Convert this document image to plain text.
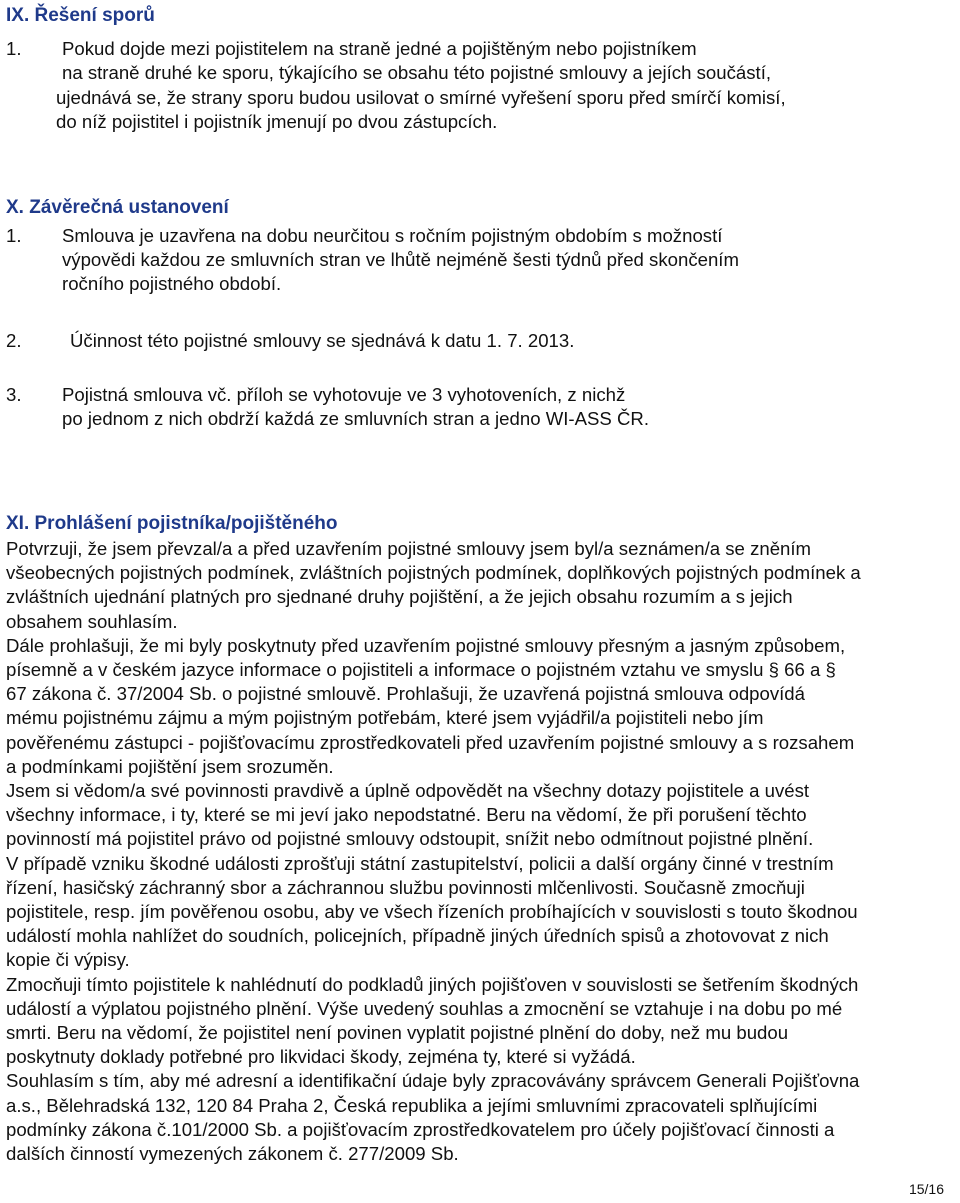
IX. Řešení sporů
1. Pokud dojde mezi pojistitelem na straně jedné a pojištěným nebo pojistníkem
na straně druhé ke sporu, týkajícího se obsahu této pojistné smlouvy a jejích součástí,
ujednává se, že strany sporu budou usilovat o smírné vyřešení sporu před smírčí komisí,
do níž pojistitel i pojistník jmenují po dvou zástupcích.
X. Závěrečná ustanovení
1. Smlouva je uzavřena na dobu neurčitou s ročním pojistným obdobím s možností
výpovědi každou ze smluvních stran ve lhůtě nejméně šesti týdnů před skončením
ročního pojistného období.
2.	Účinnost této pojistné smlouvy se sjednává k datu 1. 7. 2013.
3. Pojistná smlouva vč. příloh se vyhotovuje ve 3 vyhotoveních, z nichž
po jednom z nich obdrží každá ze smluvních stran a jedno WI-ASS ČR.
XI. Prohlášení pojistníka/pojištěného
Potvrzuji, že jsem převzal/a a před uzavřením pojistné smlouvy jsem byl/a seznámen/a se zněním
všeobecných pojistných podmínek, zvláštních pojistných podmínek, doplňkových pojistných podmínek a
zvláštních ujednání platných pro sjednané druhy pojištění, a že jejich obsahu rozumím a s jejich
obsahem souhlasím.
Dále prohlašuji, že mi byly poskytnuty před uzavřením pojistné smlouvy přesným a jasným způsobem,
písemně a v českém jazyce informace o pojistiteli a informace o pojistném vztahu ve smyslu § 66 a §
67 zákona č. 37/2004 Sb. o pojistné smlouvě. Prohlašuji, že uzavřená pojistná smlouva odpovídá
mému pojistnému zájmu a mým pojistným potřebám, které jsem vyjádřil/a pojistiteli nebo jím
pověřenému zástupci - pojišťovacímu zprostředkovateli před uzavřením pojistné smlouvy a s rozsahem
a podmínkami pojištění jsem srozuměn.
Jsem si vědom/a své povinnosti pravdivě a úplně odpovědět na všechny dotazy pojistitele a uvést
všechny informace, i ty, které se mi jeví jako nepodstatné. Beru na vědomí, že při porušení těchto
povinností má pojistitel právo od pojistné smlouvy odstoupit, snížit nebo odmítnout pojistné plnění.
V případě vzniku škodné události zprošťuji státní zastupitelství, policii a další orgány činné v trestním
řízení, hasičský záchranný sbor a záchrannou službu povinnosti mlčenlivosti. Současně zmocňuji
pojistitele, resp. jím pověřenou osobu, aby ve všech řízeních probíhajících v souvislosti s touto škodnou
událostí mohla nahlížet do soudních, policejních, případně jiných úředních spisů a zhotovovat z nich
kopie či výpisy.
Zmocňuji tímto pojistitele k nahlédnutí do podkladů jiných pojišťoven v souvislosti se šetřením škodných
událostí a výplatou pojistného plnění. Výše uvedený souhlas a zmocnění se vztahuje i na dobu po mé
smrti. Beru na vědomí, že pojistitel není povinen vyplatit pojistné plnění do doby, než mu budou
poskytnuty doklady potřebné pro likvidaci škody, zejména ty, které si vyžádá.
Souhlasím s tím, aby mé adresní a identifikační údaje byly zpracovávány správcem Generali Pojišťovna
a.s., Bělehradská 132, 120 84 Praha 2, Česká republika a jejími smluvními zpracovateli splňujícími
podmínky zákona č.101/2000 Sb. a pojišťovacím zprostředkovatelem pro účely pojišťovací činnosti a
dalších činností vymezených zákonem č. 277/2009 Sb.
15/16
